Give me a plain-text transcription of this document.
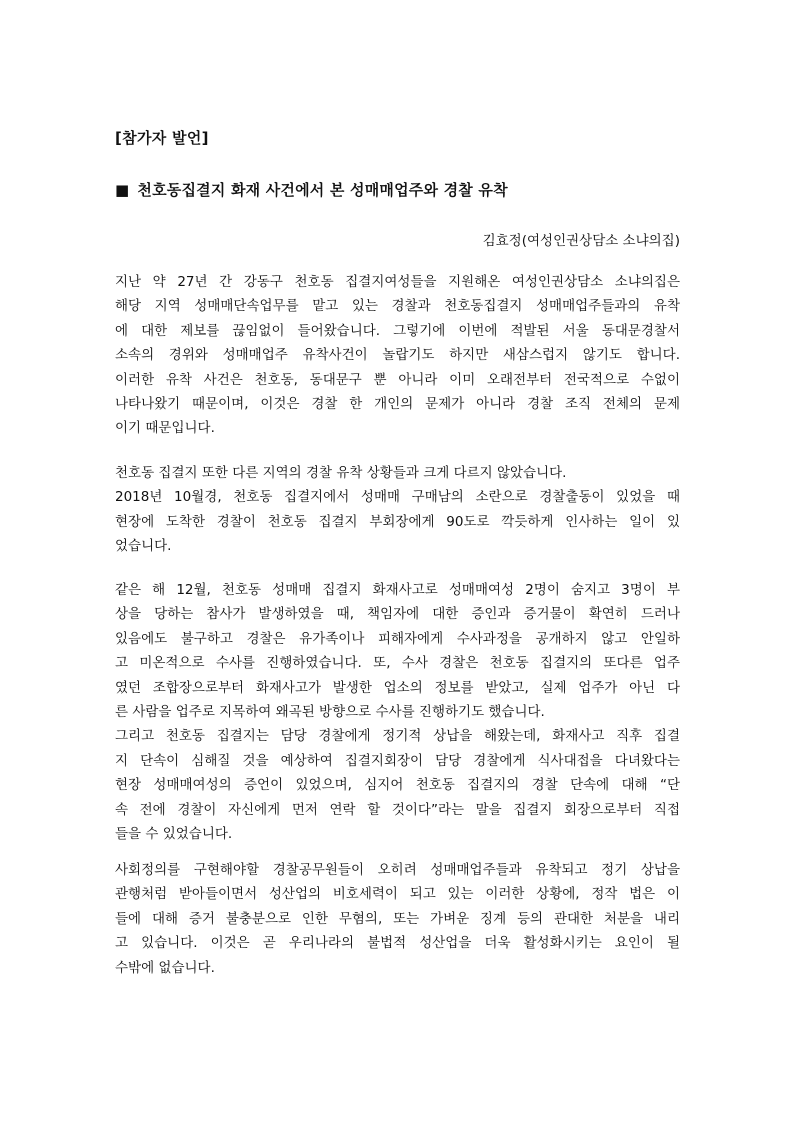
[참가자 발언]
■ 천호동집결지 화재 사건에서 본 성매매업주와 경찰 유착
김효정(여성인권상담소 소냐의집)
지난 약 27년 간 강동구 천호동 집결지여성들을 지원해온 여성인권상담소 소냐의집은
해당 지역 성매매단속업무를 맡고 있는 경찰과 천호동집결지 성매매업주들과의 유착
에 대한 제보를 끊임없이 들어왔습니다. 그렇기에 이번에 적발된 서울 동대문경찰서
소속의 경위와 성매매업주 유착사건이 놀랍기도 하지만 새삼스럽지 않기도 합니다.
이러한 유착 사건은 천호동, 동대문구 뿐 아니라 이미 오래전부터 전국적으로 수없이
나타나왔기 때문이며, 이것은 경찰 한 개인의 문제가 아니라 경찰 조직 전체의 문제
이기 때문입니다.
천호동 집결지 또한 다른 지역의 경찰 유착 상황들과 크게 다르지 않았습니다.
2018년 10월경, 천호동 집결지에서 성매매 구매남의 소란으로 경찰출동이 있었을 때
현장에 도착한 경찰이 천호동 집결지 부회장에게 90도로 깍듯하게 인사하는 일이 있
었습니다.
같은 해 12월, 천호동 성매매 집결지 화재사고로 성매매여성 2명이 숨지고 3명이 부
상을 당하는 참사가 발생하였을 때, 책임자에 대한 증인과 증거물이 확연히 드러나
있음에도 불구하고 경찰은 유가족이나 피해자에게 수사과정을 공개하지 않고 안일하
고 미온적으로 수사를 진행하였습니다. 또, 수사 경찰은 천호동 집결지의 또다른 업주
였던 조합장으로부터 화재사고가 발생한 업소의 정보를 받았고, 실제 업주가 아닌 다
른 사람을 업주로 지목하여 왜곡된 방향으로 수사를 진행하기도 했습니다.
그리고 천호동 집결지는 담당 경찰에게 정기적 상납을 해왔는데, 화재사고 직후 집결
지 단속이 심해질 것을 예상하여 집결지회장이 담당 경찰에게 식사대접을 다녀왔다는
현장 성매매여성의 증언이 있었으며, 심지어 천호동 집결지의 경찰 단속에 대해 “단
속 전에 경찰이 자신에게 먼저 연락 할 것이다”라는 말을 집결지 회장으로부터 직접
들을 수 있었습니다.
사회정의를 구현해야할 경찰공무원들이 오히려 성매매업주들과 유착되고 정기 상납을
관행처럼 받아들이면서 성산업의 비호세력이 되고 있는 이러한 상황에, 정작 법은 이
들에 대해 증거 불충분으로 인한 무혐의, 또는 가벼운 징계 등의 관대한 처분을 내리
고 있습니다. 이것은 곧 우리나라의 불법적 성산업을 더욱 활성화시키는 요인이 될
수밖에 없습니다.
